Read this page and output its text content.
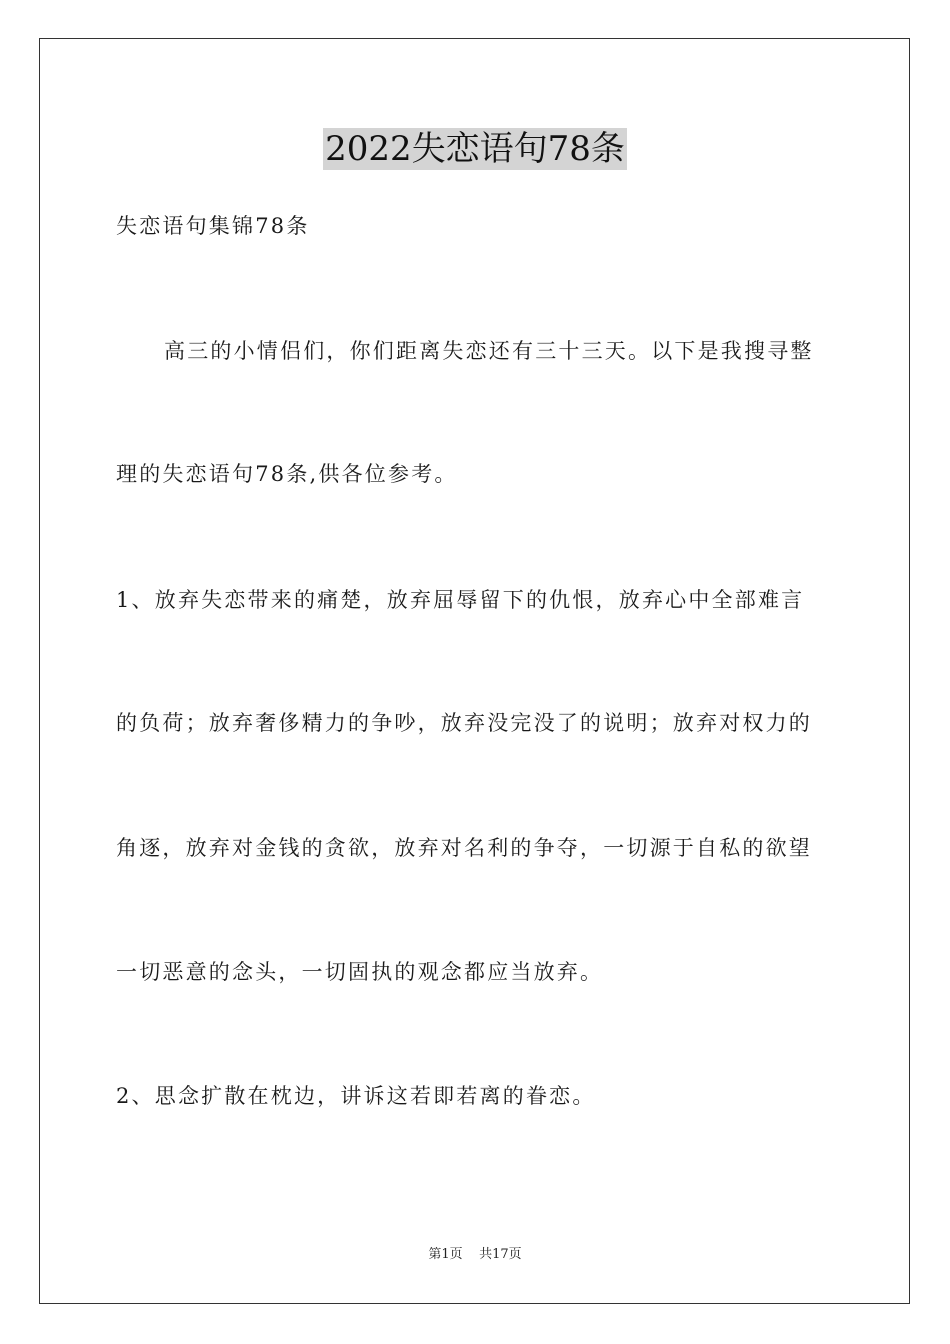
2022失恋语句78条
失恋语句集锦78条
高三的小情侣们，你们距离失恋还有三十三天。以下是我搜寻整
理的失恋语句78条,供各位参考。
1、放弃失恋带来的痛楚，放弃屈辱留下的仇恨，放弃心中全部难言
的负荷；放弃奢侈精力的争吵，放弃没完没了的说明；放弃对权力的
角逐，放弃对金钱的贪欲，放弃对名利的争夺，一切源于自私的欲望
一切恶意的念头，一切固执的观念都应当放弃。
2、思念扩散在枕边，讲诉这若即若离的眷恋。
第1页 共17页
